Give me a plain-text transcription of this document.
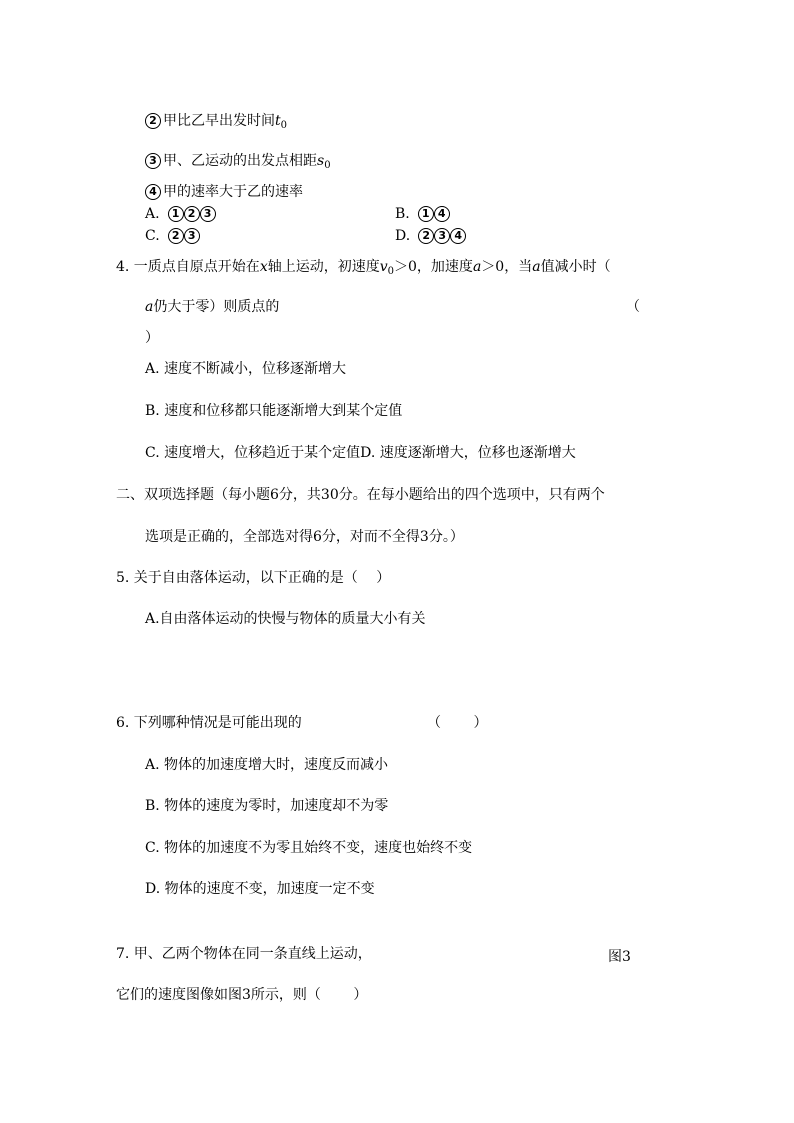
2 甲比乙早出发时间$t_0$
3 甲、乙运动的出发点相距$s_0$
4 甲的速率大于乙的速率
A. 1 2 3	B. 1 4
C. 2 3	D. 2 3 4
4. 一质点自原点开始在x轴上运动，初速度$v_0>0$，加速度a＞0，当a值减小时（
a仍大于零）则质点的	（
）
A. 速度不断减小，位移逐渐增大
B. 速度和位移都只能逐渐增大到某个定值
C. 速度增大，位移趋近于某个定值D. 速度逐渐增大，位移也逐渐增大
二、双项选择题（每小题6分，共30分。在每小题给出的四个选项中，只有两个
选项是正确的，全部选对得6分，对而不全得3分。）
5. 关于自由落体运动，以下正确的是（　 ）
A.自由落体运动的快慢与物体的质量大小有关
6. 下列哪种情况是可能出现的	（　　 ）
A. 物体的加速度增大时，速度反而减小
B. 物体的速度为零时，加速度却不为零
C. 物体的加速度不为零且始终不变，速度也始终不变
D. 物体的速度不变，加速度一定不变
7. 甲、乙两个物体在同一条直线上运动，	图3
它们的速度图像如图3所示，则（　　 ）
